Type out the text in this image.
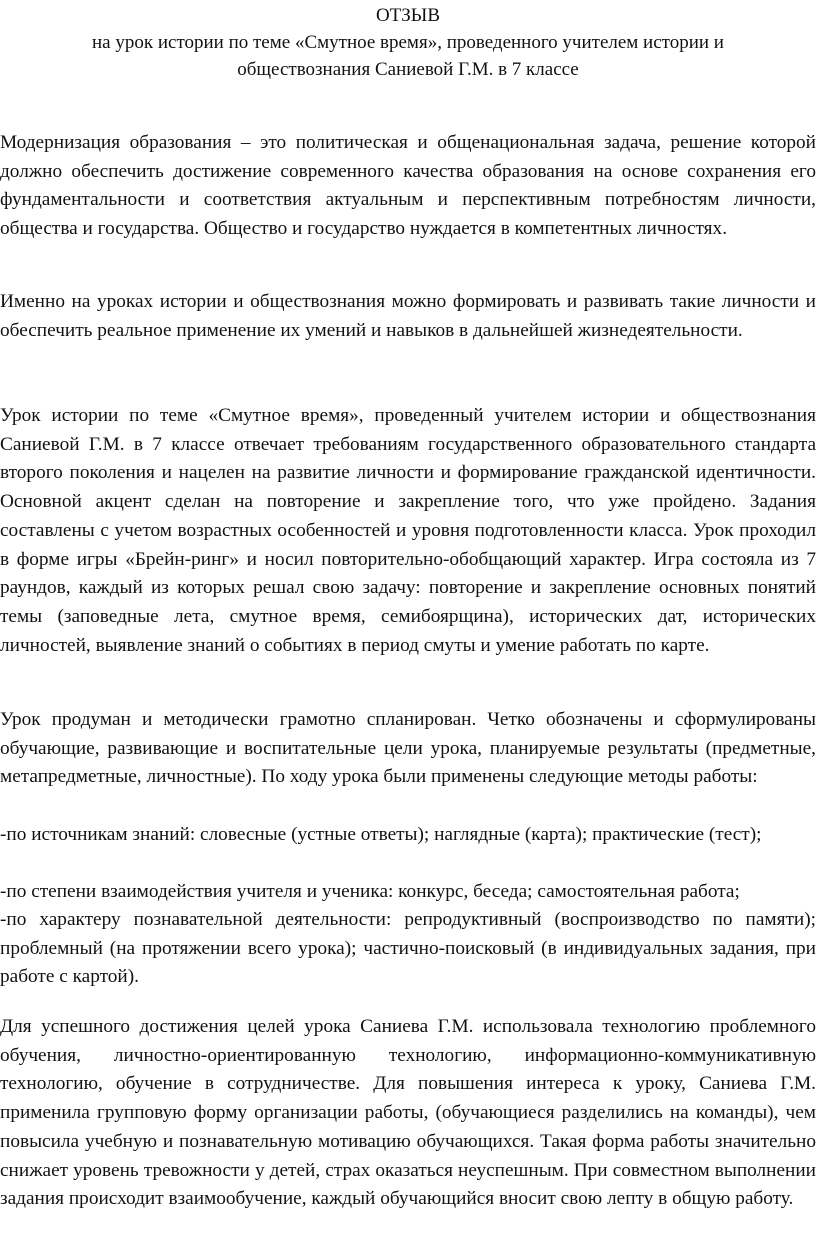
ОТЗЫВ

на урок истории по теме «Смутное время», проведенного учителем истории и обществознания Саниевой Г.М. в 7 классе

Модернизация образования – это политическая и общенациональная задача, решение которой должно обеспечить достижение современного качества образования на основе сохранения его фундаментальности и соответствия актуальным и перспективным потребностям личности, общества и государства. Общество и государство нуждается в компетентных личностях.

Именно на уроках истории и обществознания можно формировать и развивать такие личности и обеспечить реальное применение их умений и навыков в дальнейшей жизнедеятельности.

Урок истории по теме «Смутное время», проведенный учителем истории и обществознания Саниевой Г.М. в 7 классе отвечает требованиям государственного образовательного стандарта второго поколения и нацелен на развитие личности и формирование гражданской идентичности. Основной акцент сделан на повторение и закрепление того, что уже пройдено. Задания составлены с учетом возрастных особенностей и уровня подготовленности класса. Урок проходил в форме игры «Брейн-ринг» и носил повторительно-обобщающий характер. Игра состояла из 7 раундов, каждый из которых решал свою задачу: повторение и закрепление основных понятий темы (заповедные лета, смутное время, семибоярщина), исторических дат, исторических личностей, выявление знаний о событиях в период смуты и умение работать по карте.

Урок продуман и методически грамотно спланирован. Четко обозначены и сформулированы обучающие, развивающие и воспитательные цели урока, планируемые результаты (предметные, метапредметные, личностные). По ходу урока были применены следующие методы работы:

-по источникам знаний: словесные (устные ответы); наглядные (карта); практические (тест);

-по степени взаимодействия учителя и ученика: конкурс, беседа; самостоятельная работа;

-по характеру познавательной деятельности: репродуктивный (воспроизводство по памяти); проблемный (на протяжении всего урока); частично-поисковый (в индивидуальных задания, при работе с картой).

Для успешного достижения целей урока Саниева Г.М. использовала технологию проблемного обучения, личностно-ориентированную технологию, информационно-коммуникативную технологию, обучение в сотрудничестве. Для повышения интереса к уроку, Саниева Г.М. применила групповую форму организации работы, (обучающиеся разделились на команды), чем повысила учебную и познавательную мотивацию обучающихся. Такая форма работы значительно снижает уровень тревожности у детей, страх оказаться неуспешным. При совместном выполнении задания происходит взаимообучение, каждый обучающийся вносит свою лепту в общую работу.
